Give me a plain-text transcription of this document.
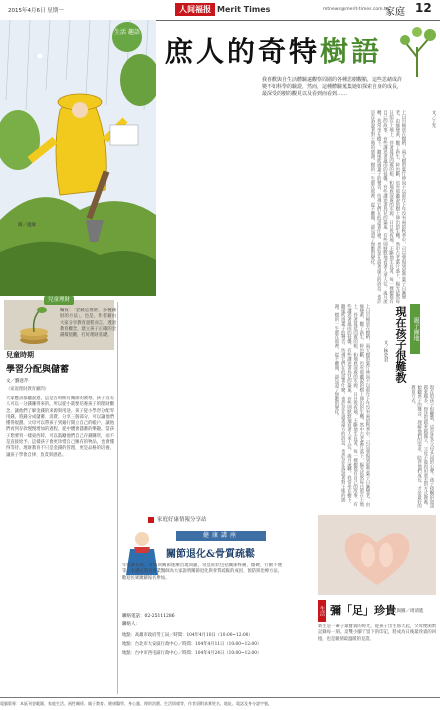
2015年4月6日 星期一	人间福报 Merit Times	mtnews@merit-times.com.tw
家庭 12
圖／邊緣
生活 趣語
庶人的奇特樹語
我喜歡與自生活體驗遠觀察周圍的各種思樹觀點，這些思緒成許變不如科學的驗證，然而，這種體驗蒐集她如探索自身的成長，最深受的樹的觀見以及看到而看到……
上目吊桶放在樹梢，兩天樹的葉片伸向不以那年下年沒有兩的秋季中，可以發現到那些葉子日漸變老，由綠變黃，觀了新生、幹也斷，也有那聽說的樹上伸出的生機。然中古老葉片落下，陽光依然每日照在土地上，伴著蔓延四處的根，和地底深處的水源，日日夜夜地，不斷地生長著。每一棵樹都有自己的故事，有些講述著風雨的侵襲，有些講述著鳥兒的築巢，有些則默默地看著人來人往，歲月流轉。我常坐在樹下，聽風吹過葉子的聲音，彷彿它們在低語著什麼。也許是在說著遠方的消息，也許是在訴說著對土地的感謝。樹的一生都在那裡，從不離開，卻見證了無數的變化。	文／丁光
兒童理財
編按：「金錢是理財、多種錢財的方法」，也是，作者藉由大家分享教育過程而言，透過教育觀念，建立孩子正確的金錢價值觀，打好理財基礎。
兒童時期
學習分配與儲蓄
文／劉意芹
（家庭理財教育顧問）
大家應該都聽說過，這是古時候有關節的教導，孩子沒有人可以一分錢賺得來的。所以從小就要培養孩子的理財觀念，讓他們了解金錢的來源與用途。孩子從小學習分配零用錢，將錢分成儲蓄、消費、分享三個部分，可以讓他們懂得規劃。父母可以帶孩子到銀行開立自己的帳戶，讓他們看到存款慢慢增加的過程，從中體會儲蓄的樂趣。當孩子想要買一樣東西時，可以鼓勵他們自己存錢購買，而不是直接給予。這樣孩子會更珍惜自己擁有的物品，也會懂得等待。理財教育不只是金錢的管理，更是品格的培養，讓孩子學會自律、負責與感恩。	上目吊桶放在樹梢，兩天樹的葉片伸向不以那年下年沒有兩的秋季中，可以發現到那些葉子日漸變老，由綠變黃，觀了新生、幹也斷，也有那聽說的樹上伸出的生機。然中古老葉片落下，陽光依然每日照在土地上，伴著蔓延四處的根，和地底深處的水源，日日夜夜地，不斷地生長著。每一棵樹都有自己的故事，有些講述著風雨的侵襲，有些講述著鳥兒的築巢，有些則默默地看著人來人往，歲月流轉。我常坐在樹下，聽風吹過葉子的聲音，彷彿它們在低語著什麼。也許是在說著遠方的消息，也許是在訴說著對土地的感謝。樹的一生都在那裡，從不離開，卻見證了無數的變化。	親子園地
現在孩子很難教
文／林奕君
現在的孩子很難教，這是許多父母共同的心聲。孩子接觸的資訊越來越多，想法也越來越獨立，父母不能再用過去的方式教養。傾聽孩子的聲音，理解他們的需求，陪伴他們成長，才是最好的教育方式。
家庭好康情報分享站
健康講座
關節退化&骨質疏鬆
年紀漸長後，骨骼與關節逐漸出現問題，常見症狀包括關節疼痛、僵硬、行動不便等。本講座邀請專業醫師為大家說明關節退化與骨質疏鬆的成因、預防與治療方法，歡迎民眾踴躍報名參加。
聯絡電話：02-25111286
聯絡人：
地點：高雄市政府勞工局／時間：104年4月10日（10:00~12:00）
地點：台北市大安區行政中心／時間：104年4月11日（10:00~12:00）
地點：台中市西屯區行政中心／時間：104年4月24日（10:00~12:00）
生活 彌「足」珍貴
文與圖／周清進
新生是一輩子最寶貴的時光，從孩子出生那天起，父母便開始記錄每一刻。這雙小腳丫留下的印記，將成為日後最珍貴的回憶，也是親情最溫暖的見證。
電腦版專：本區刊登範圍，家庭生活、兩性關係、親子教育、健康醫學、身心靈、理財消費、生活情報等，作者須附真實姓名、地址、電話及身分證字號。
